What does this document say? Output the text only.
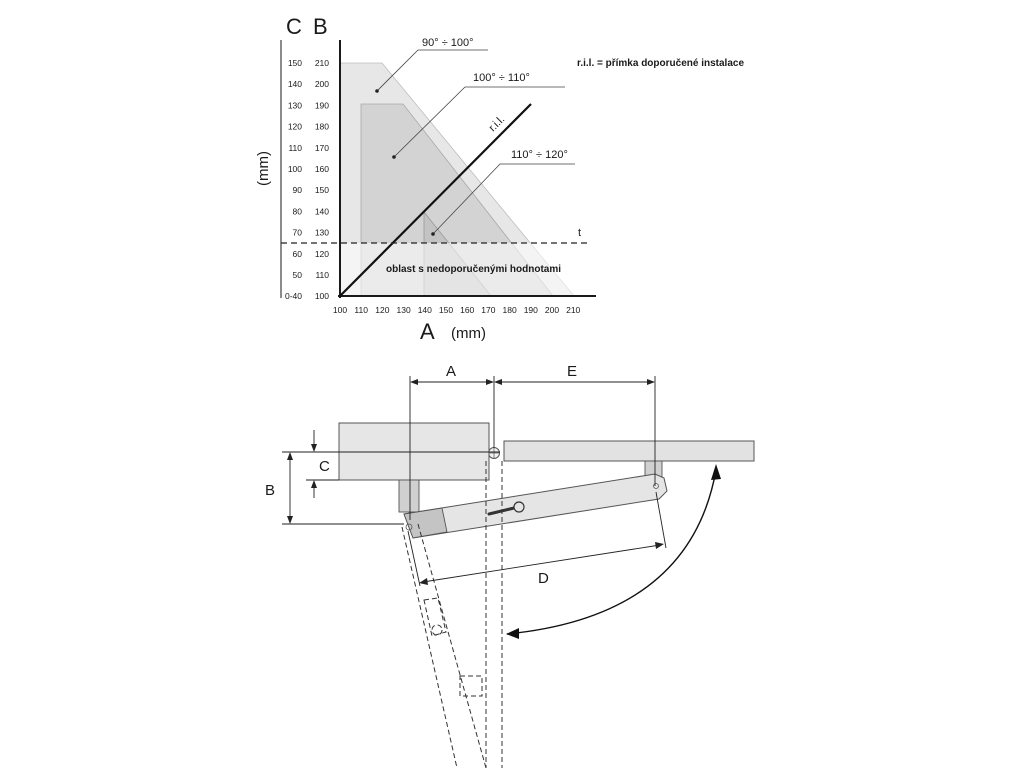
C B
A (mm)
(mm)
90° ÷ 100°
100° ÷ 110°
110° ÷ 120°
r.i.l.
t
r.i.l. = přímka doporučené instalace
oblast s nedoporučenými hodnotami
150
140
130
120
110
100
90
80
70
60
50
0-40
210
200
190
180
170
160
150
140
130
120
110
100
100 110 120 130 140 150 160 170 180 190 200 210
A	E
B
C
D
